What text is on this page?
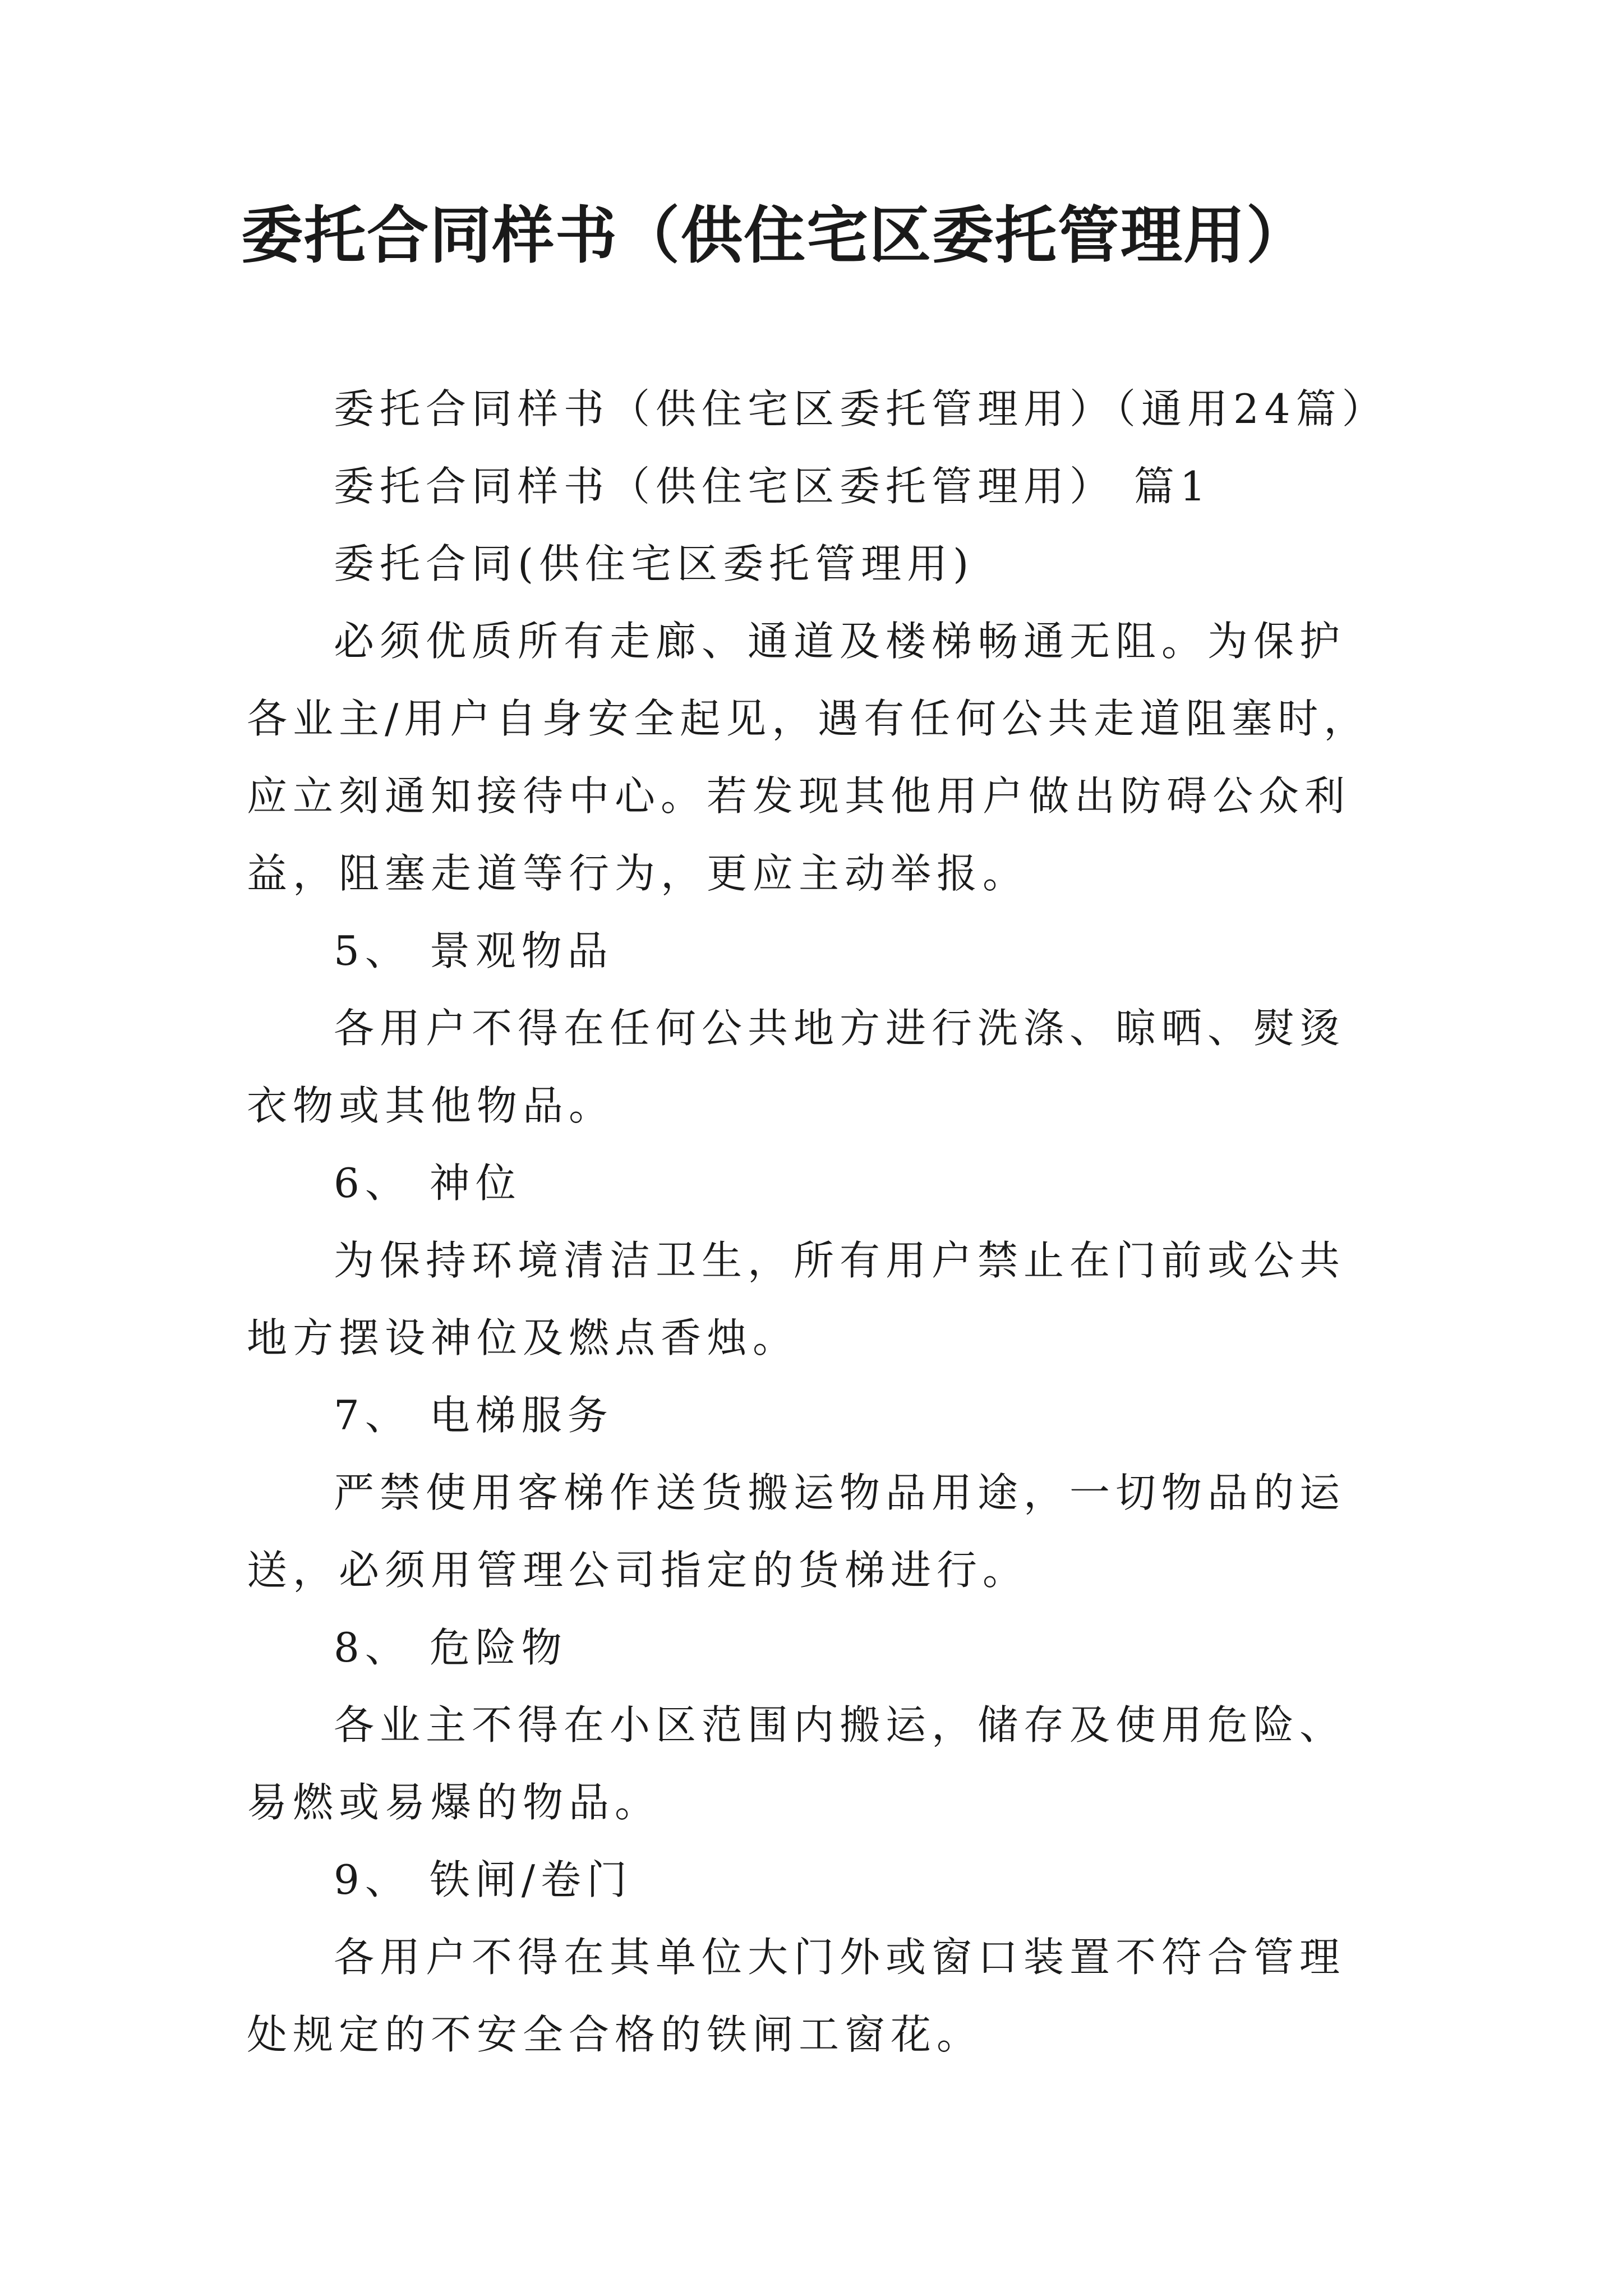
委托合同样书（供住宅区委托管理用）

委托合同样书（供住宅区委托管理用）（通用24篇）

委托合同样书（供住宅区委托管理用） 篇1

委托合同(供住宅区委托管理用)

必须优质所有走廊、通道及楼梯畅通无阻。为保护各业主/用户自身安全起见，遇有任何公共走道阻塞时，应立刻通知接待中心。若发现其他用户做出防碍公众利益，阻塞走道等行为，更应主动举报。

5、 景观物品

各用户不得在任何公共地方进行洗涤、晾晒、熨烫衣物或其他物品。

6、 神位

为保持环境清洁卫生，所有用户禁止在门前或公共地方摆设神位及燃点香烛。

7、 电梯服务

严禁使用客梯作送货搬运物品用途，一切物品的运送，必须用管理公司指定的货梯进行。

8、 危险物

各业主不得在小区范围内搬运，储存及使用危险、易燃或易爆的物品。

9、 铁闸/卷门

各用户不得在其单位大门外或窗口装置不符合管理处规定的不安全合格的铁闸工窗花。
